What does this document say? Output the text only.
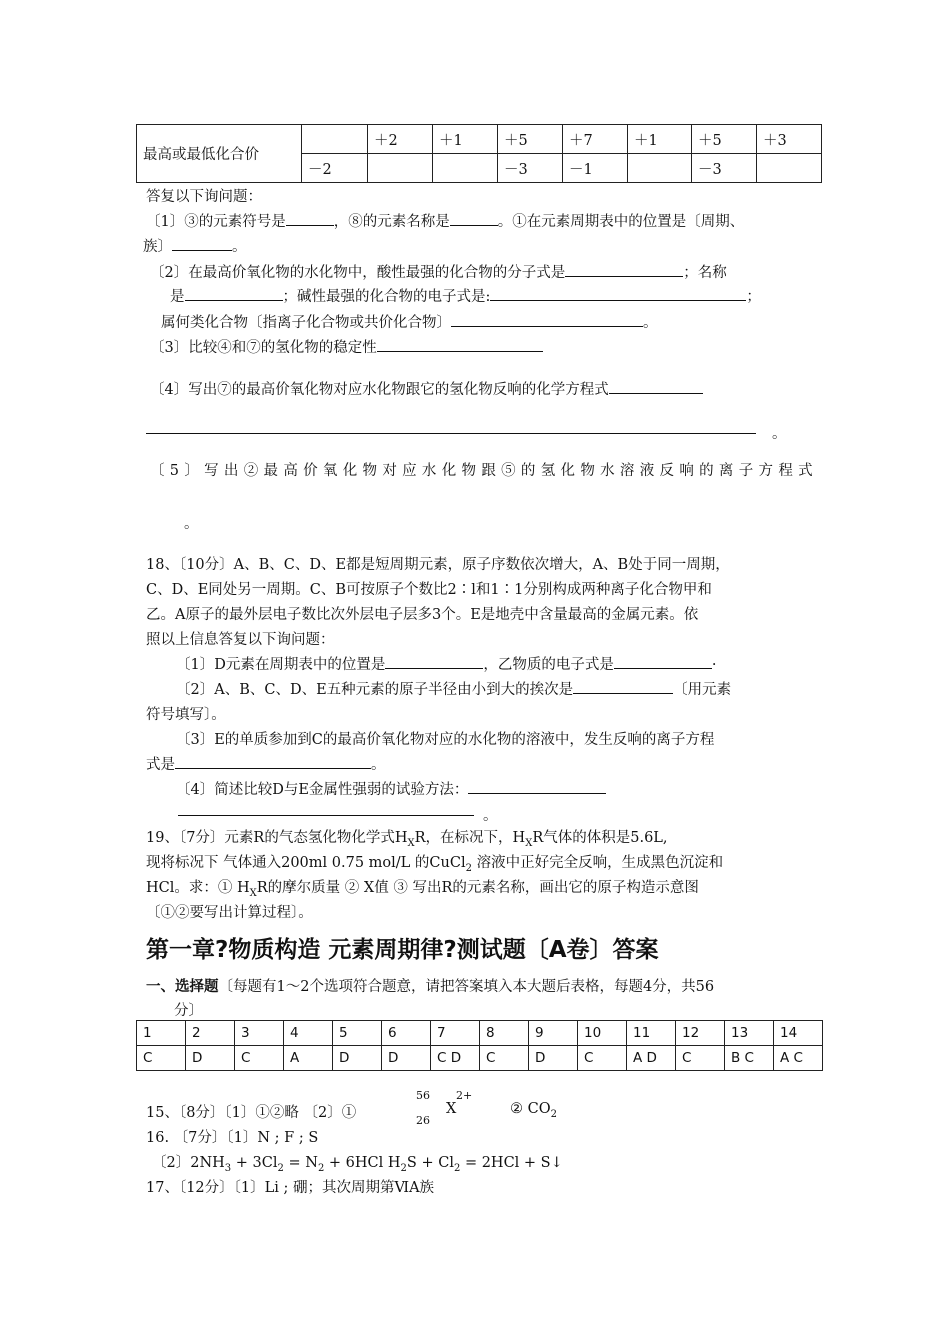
最高或最低化合价		＋2	＋1	＋5	＋7	＋1	＋5	＋3
	－2			－3	－1		－3	
答复以下询问题：
〔1〕③的元素符号是	，⑧的元素名称是	。①在元素周期表中的位置是〔周期、
族〕	。
〔2〕在最高价氧化物的水化物中，酸性最强的化合物的分子式是	；名称
是	；碱性最强的化合物的电子式是:	；
属何类化合物〔指离子化合物或共价化合物〕	。
〔3〕比较④和⑦的氢化物的稳定性
〔4〕写出⑦的最高价氧化物对应水化物跟它的氢化物反响的化学方程式
。
〔5〕写出②最高价氧化物对应水化物跟⑤的氢化物水溶液反响的离子方程式
。
18、〔10分〕A、B、C、D、E都是短周期元素，原子序数依次增大，A、B处于同一周期，
C、D、E同处另一周期。C、B可按原子个数比2∶l和1∶1分别构成两种离子化合物甲和
乙。A原子的最外层电子数比次外层电子层多3个。E是地壳中含量最高的金属元素。依
照以上信息答复以下询问题：
〔1〕D元素在周期表中的位置是	，乙物质的电子式是	·
〔2〕A、B、C、D、E五种元素的原子半径由小到大的挨次是	〔用元素
符号填写〕。
〔3〕E的单质参加到C的最高价氧化物对应的水化物的溶液中，发生反响的离子方程
式是	。
〔4〕简述比较D与E金属性强弱的试验方法：
。
19、〔7分〕元素R的气态氢化物化学式$H_XR$，在标况下，$H_XR$气体的体积是5.6L,
现将标况下 气体通入200ml 0.75 mol/L 的CuCl$_2$ 溶液中正好完全反响，生成黑色沉淀和
HCl。求：① $H_XR$的摩尔质量 ② X值 ③ 写出R的元素名称，画出它的原子构造示意图
〔①②要写出计算过程〕。
第一章?物质构造 元素周期律?测试题〔A卷〕答案
一、选择题〔每题有1～2个选项符合题意，请把答案填入本大题后表格，每题4分，共56
分〕
1	2	3	4	5	6	7	8	9	10	11	12	13	14
C	D	C	A	D	D	C D	C	D	C	A D	C	B C	A C
15、〔8分〕〔1〕①②略 〔2〕①
56
26
X
2+
② $CO_2$
16. 〔7分〕〔1〕N ; F ; S
〔2〕$2NH_3 + 3Cl_2 = N_2 + 6HCl$ $H_2S + Cl_2 = 2HCl$ + S↓
17、〔12分〕〔1〕Li ; 硼；其次周期第ⅥA族
